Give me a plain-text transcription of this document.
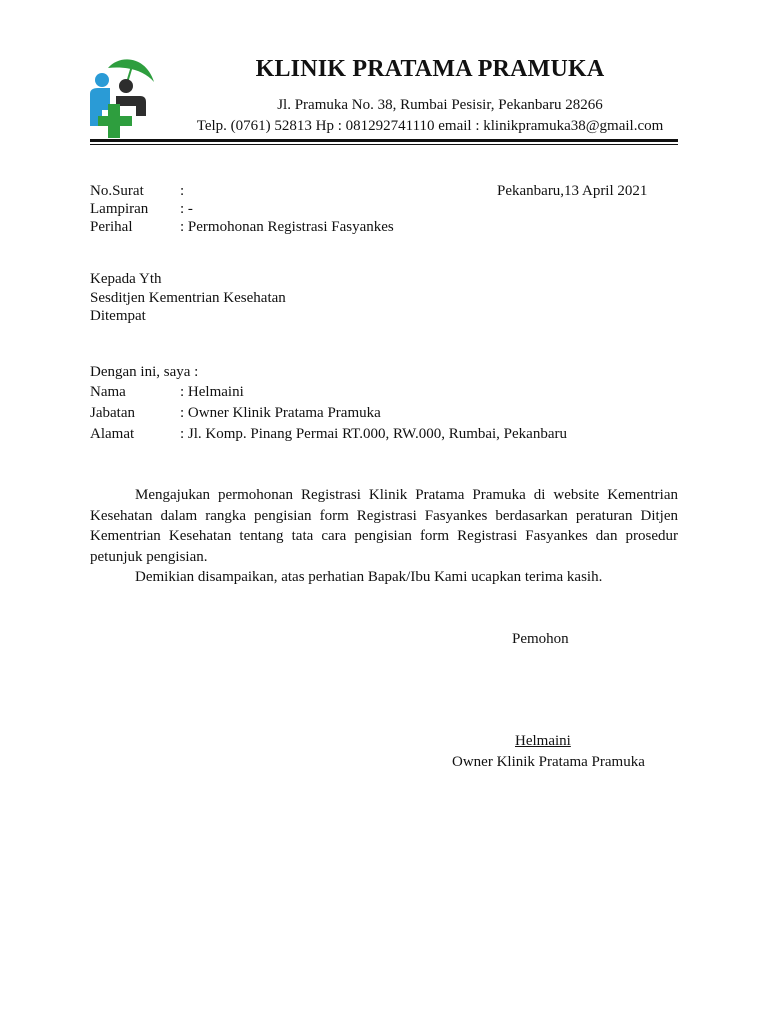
KLINIK PRATAMA PRAMUKA
Jl. Pramuka No. 38, Rumbai Pesisir, Pekanbaru 28266
Telp. (0761) 52813 Hp : 081292741110 email : klinikpramuka38@gmail.com
No.Surat :	Pekanbaru,13 April 2021
Lampiran : -
Perihal	: Permohonan Registrasi Fasyankes
Kepada Yth
Sesditjen Kementrian Kesehatan
Ditempat
Dengan ini, saya :
Nama	: Helmaini
Jabatan	: Owner Klinik Pratama Pramuka
Alamat	: Jl. Komp. Pinang Permai RT.000, RW.000, Rumbai, Pekanbaru

Mengajukan permohonan Registrasi Klinik Pratama Pramuka di website Kementrian Kesehatan dalam rangka pengisian form Registrasi Fasyankes berdasarkan peraturan Ditjen Kementrian Kesehatan tentang tata cara pengisian form Registrasi Fasyankes dan prosedur petunjuk pengisian.

Demikian disampaikan, atas perhatian Bapak/Ibu Kami ucapkan terima kasih.

Pemohon
Helmaini
Owner Klinik Pratama Pramuka
